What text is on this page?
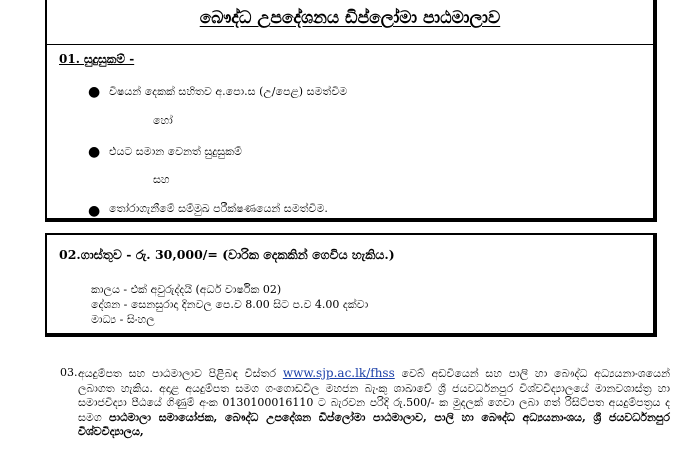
බෞද්ධ උපදේශනය ඩිප්ලෝමා පාඨමාලාව
01. සුදුසුකම් -
● විෂයන් දෙකක් සහිතව අ.පො.ස (උ/පෙළ) සමත්වීම
හෝ
● එයට සමාන වෙනත් සුදුසුකම්
සහ
● තෝරාගැනීමේ සම්මුඛ පරීක්ෂණයෙන් සමත්වීම.
02.ගාස්තුව - රු. 30,000/= (වාරික දෙකකින් ගෙවිය හැකිය.)
කාලය - එක් අවුරුද්දයි (අර්ධ වාර්ෂික 02)
දේශන - සෙනසුරාදා දිනවල පෙ.ව 8.00 සිට ප.ව 4.00 දක්වා
මාධ්‍ය - සිංහල
03. අයදුම්පත සහ පාඨමාලාව පිළිබඳ විස්තර www.sjp.ac.lk/fhss වෙබ් අඩවියෙන් සහ පාලි හා බෞද්ධ අධ්‍යයනාංශයෙන් ලබාගත හැකිය. අදාළ අයදුම්පත සමග ගංගොඩවිල මහජන බැංකු ශාඛාවේ ශ්‍රී ජයවර්ධනපුර විශ්වවිද්‍යාලයේ මානවශාස්ත්‍ර හා සමාජවිද්‍යා පීඨයේ ගිණුම් අංක 0130100016110 ට බැරවන පරිදි රු.500/- ක මුදලක් ගෙවා ලබා ගත් රිසිට්පත අයදුම්පත්‍රය ද සමග පාඨමාලා සමායෝජක, බෞද්ධ උපදේශන ඩිප්ලෝමා පාඨමාලාව, පාලි හා බෞද්ධ අධ්‍යයනාංශය, ශ්‍රී ජයවර්ධනපුර විශ්වවිද්‍යාලය,
